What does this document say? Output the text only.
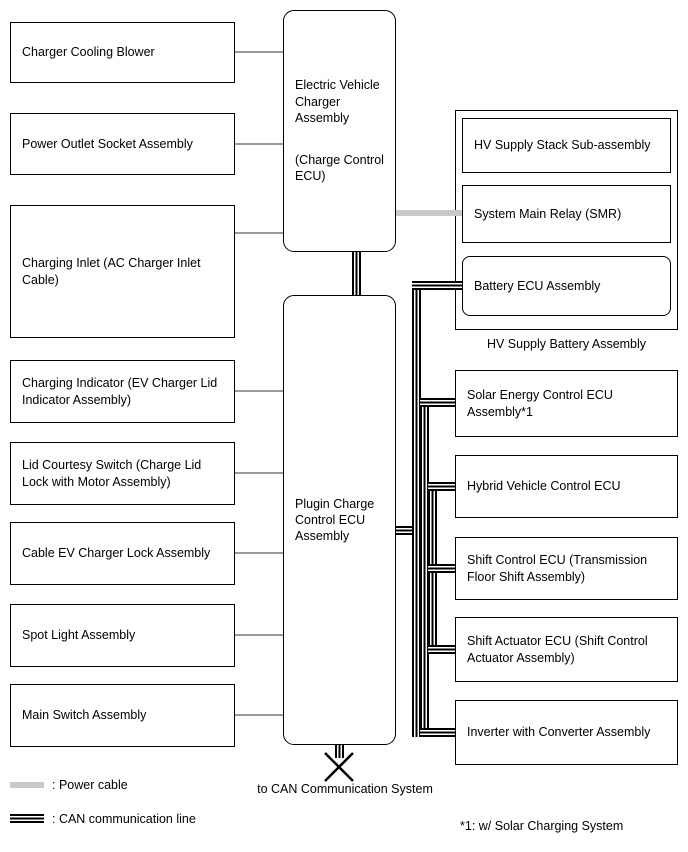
Charger Cooling Blower
Power Outlet Socket Assembly
Charging Inlet (AC Charger Inlet Cable)
Charging Indicator (EV Charger Lid Indicator Assembly)
Lid Courtesy Switch (Charge Lid Lock with Motor Assembly)
Cable EV Charger Lock Assembly
Spot Light Assembly
Main Switch Assembly
Electric Vehicle Charger Assembly
(Charge Control ECU)
Plugin Charge Control ECU Assembly
HV Supply Stack Sub-assembly
System Main Relay (SMR)
Battery ECU Assembly
HV Supply Battery Assembly
Solar Energy Control ECU Assembly*1
Hybrid Vehicle Control ECU
Shift Control ECU (Transmission Floor Shift Assembly)
Shift Actuator ECU (Shift Control Actuator Assembly)
Inverter with Converter Assembly
to CAN Communication System
: Power cable
: CAN communication line	*1: w/ Solar Charging System
